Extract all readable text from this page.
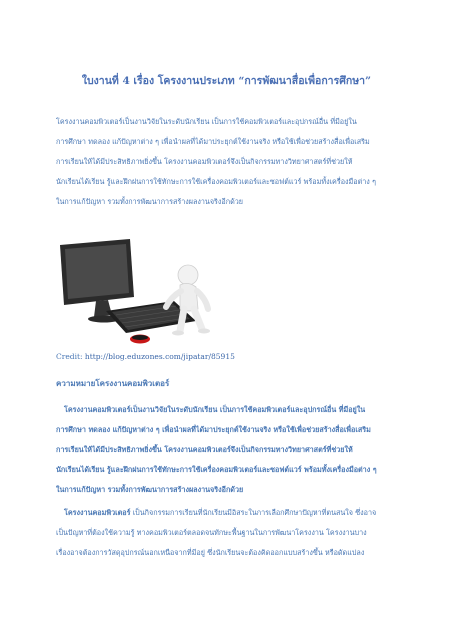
ใบงานที่ 4 เรื่อง โครงงานประเภท “การพัฒนาสื่อเพื่อการศึกษา”
โครงงานคอมพิวเตอร์เป็นงานวิจัยในระดับนักเรียน เป็นการใช้คอมพิวเตอร์และอุปกรณ์อื่น ที่มีอยู่ใน
การศึกษา ทดลอง แก้ปัญหาต่าง ๆ เพื่อนำผลที่ได้มาประยุกต์ใช้งานจริง หรือใช้เพื่อช่วยสร้างสื่อเพื่อเสริม
การเรียนให้ได้มีประสิทธิภาพยิ่งขึ้น โครงงานคอมพิวเตอร์จึงเป็นกิจกรรมทางวิทยาศาสตร์ที่ช่วยให้
นักเรียนได้เรียน รู้และฝึกฝนการใช้ทักษะการใช้เครื่องคอมพิวเตอร์และซอฟต์แวร์ พร้อมทั้งเครื่องมือต่าง ๆ
ในการแก้ปัญหา รวมทั้งการพัฒนาการสร้างผลงานจริงอีกด้วย
Credit: http://blog.eduzones.com/jipatar/85915
ความหมายโครงงานคอมพิวเตอร์
โครงงานคอมพิวเตอร์เป็นงานวิจัยในระดับนักเรียน เป็นการใช้คอมพิวเตอร์และอุปกรณ์อื่น ที่มีอยู่ใน
การศึกษา ทดลอง แก้ปัญหาต่าง ๆ เพื่อนำผลที่ได้มาประยุกต์ใช้งานจริง หรือใช้เพื่อช่วยสร้างสื่อเพื่อเสริม
การเรียนให้ได้มีประสิทธิภาพยิ่งขึ้น โครงงานคอมพิวเตอร์จึงเป็นกิจกรรมทางวิทยาศาสตร์ที่ช่วยให้
นักเรียนได้เรียน รู้และฝึกฝนการใช้ทักษะการใช้เครื่องคอมพิวเตอร์และซอฟต์แวร์ พร้อมทั้งเครื่องมือต่าง ๆ
ในการแก้ปัญหา รวมทั้งการพัฒนาการสร้างผลงานจริงอีกด้วย
โครงงานคอมพิวเตอร์ เป็นกิจกรรมการเรียนที่นักเรียนมีอิสระในการเลือกศึกษาปัญหาที่ตนสนใจ ซึ่งอาจ
เป็นปัญหาที่ต้องใช้ความรู้ ทางคอมพิวเตอร์ตลอดจนทักษะพื้นฐานในการพัฒนาโครงงาน โครงงานบาง
เรื่องอาจต้องการวัสดุอุปกรณ์นอกเหนือจากที่มีอยู่ ซึ่งนักเรียนจะต้องคิดออกแบบสร้างขึ้น หรือดัดแปลง
